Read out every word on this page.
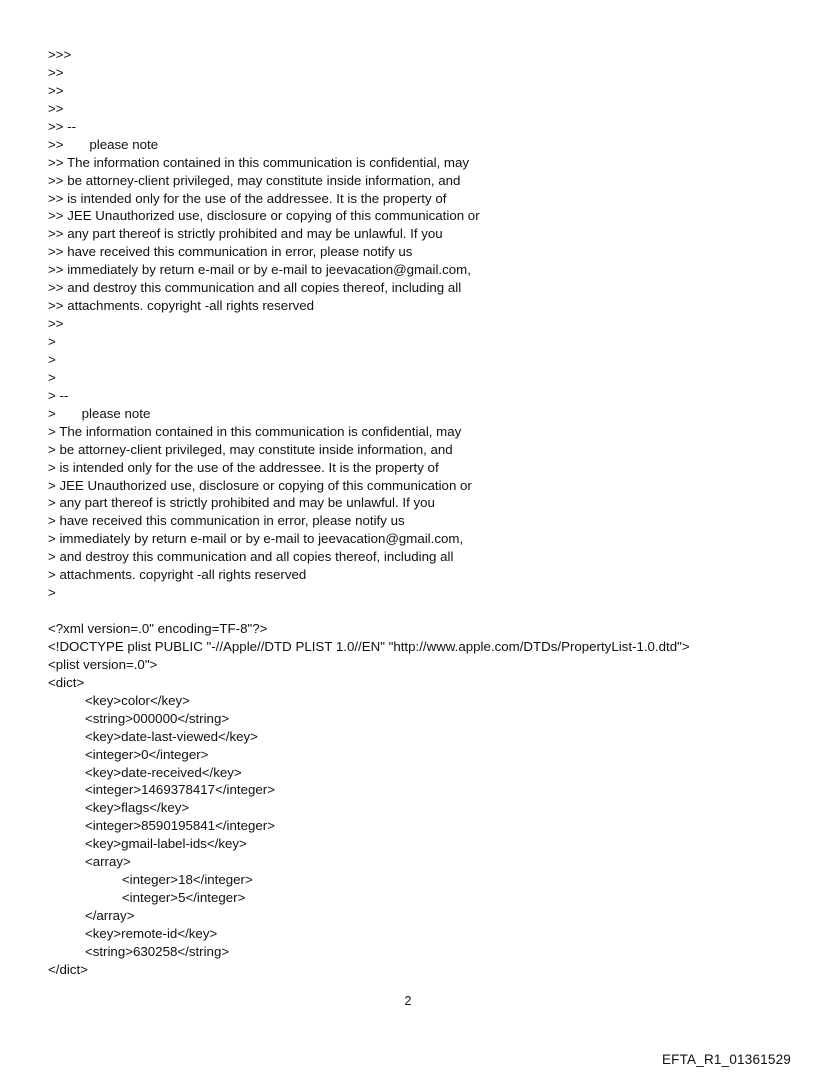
>>>
>>
>>
>>
>> --
>>       please note
>> The information contained in this communication is confidential, may
>> be attorney-client privileged, may constitute inside information, and
>> is intended only for the use of the addressee. It is the property of
>> JEE Unauthorized use, disclosure or copying of this communication or
>> any part thereof is strictly prohibited and may be unlawful. If you
>> have received this communication in error, please notify us
>> immediately by return e-mail or by e-mail to jeevacation@gmail.com,
>> and destroy this communication and all copies thereof, including all
>> attachments. copyright -all rights reserved
>>
>
>
>
> --
>       please note
> The information contained in this communication is confidential, may
> be attorney-client privileged, may constitute inside information, and
> is intended only for the use of the addressee. It is the property of
> JEE Unauthorized use, disclosure or copying of this communication or
> any part thereof is strictly prohibited and may be unlawful. If you
> have received this communication in error, please notify us
> immediately by return e-mail or by e-mail to jeevacation@gmail.com,
> and destroy this communication and all copies thereof, including all
> attachments. copyright -all rights reserved
>
<?xml version=.0" encoding=TF-8"?>
<!DOCTYPE plist PUBLIC "-//Apple//DTD PLIST 1.0//EN" "http://www.apple.com/DTDs/PropertyList-1.0.dtd">
<plist version=.0">
<dict>
<key>color</key>
<string>000000</string>
<key>date-last-viewed</key>
<integer>0</integer>
<key>date-received</key>
<integer>1469378417</integer>
<key>flags</key>
<integer>8590195841</integer>
<key>gmail-label-ids</key>
<array>
<integer>18</integer>
<integer>5</integer>
</array>
<key>remote-id</key>
<string>630258</string>
</dict>
2
EFTA_R1_01361529
